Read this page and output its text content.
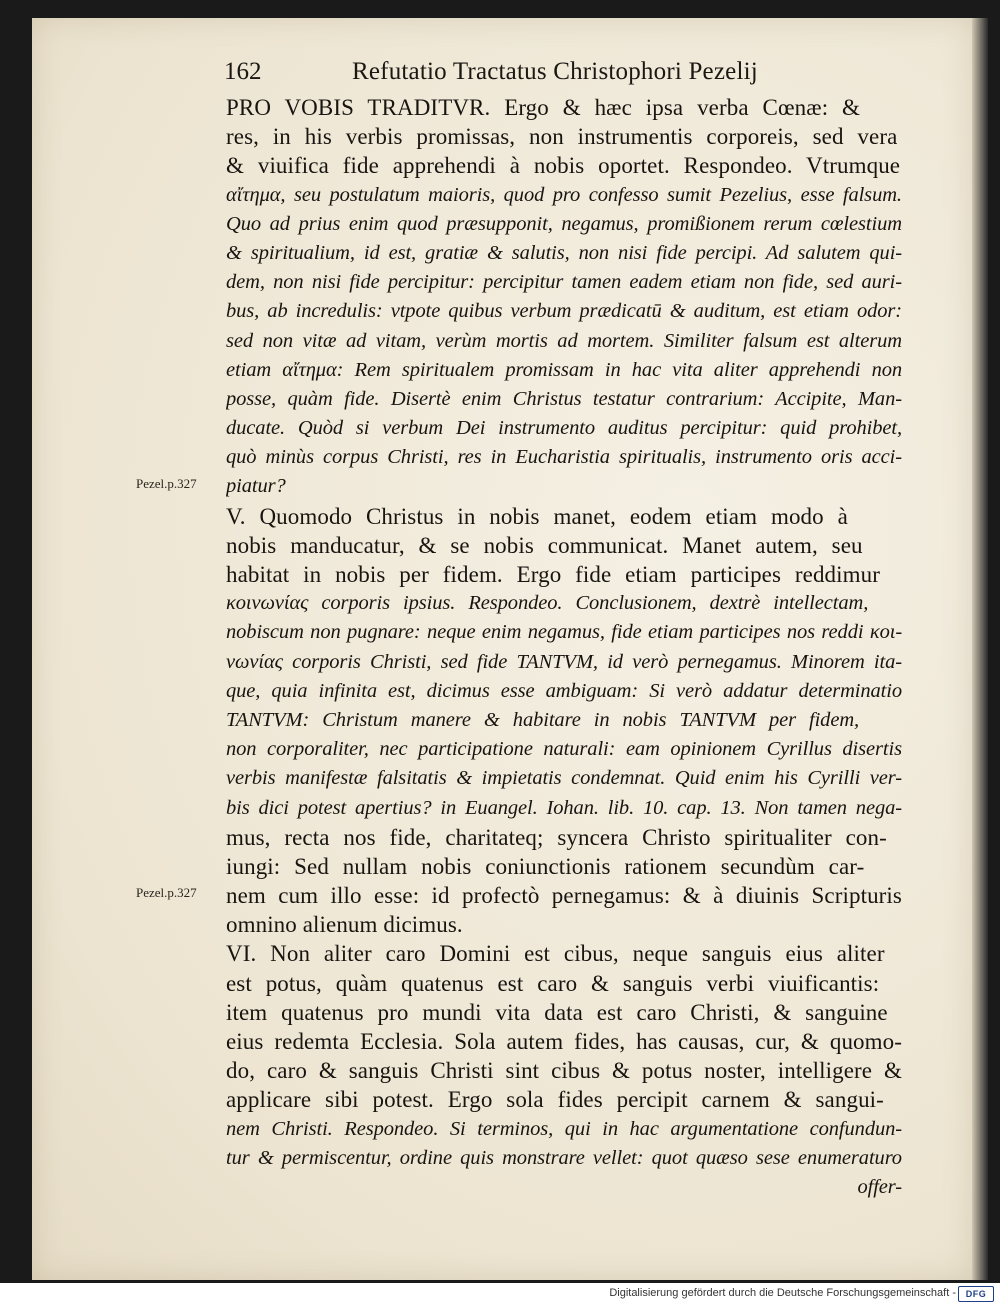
162	Refutatio Tractatus Christophori Pezelij
Pezel.p.327
Pezel.p.327
PRO VOBIS TRADITVR. Ergo & hæc ipsa verba Cœnæ: &
res, in his verbis promissas, non instrumentis corporeis, sed vera
& viuifica fide apprehendi à nobis oportet. Respondeo. Vtrumque
αἴτημα, seu postulatum maioris, quod pro confesso sumit Pezelius, esse falsum.
Quo ad prius enim quod præsupponit, negamus, promißionem rerum cœlestium
& spiritualium, id est, gratiæ & salutis, non nisi fide percipi. Ad salutem qui-
dem, non nisi fide percipitur: percipitur tamen eadem etiam non fide, sed auri-
bus, ab incredulis: vtpote quibus verbum prædicatū & auditum, est etiam odor:
sed non vitæ ad vitam, verùm mortis ad mortem. Similiter falsum est alterum
etiam αἴτημα: Rem spiritualem promissam in hac vita aliter apprehendi non
posse, quàm fide. Disertè enim Christus testatur contrarium: Accipite, Man-
ducate. Quòd si verbum Dei instrumento auditus percipitur: quid prohibet,
quò minùs corpus Christi, res in Eucharistia spiritualis, instrumento oris acci-
piatur?
V. Quomodo Christus in nobis manet, eodem etiam modo à
nobis manducatur, & se nobis communicat. Manet autem, seu
habitat in nobis per fidem. Ergo fide etiam participes reddimur
κοινωνίας corporis ipsius. Respondeo. Conclusionem, dextrè intellectam,
nobiscum non pugnare: neque enim negamus, fide etiam participes nos reddi κοι-
νωνίας corporis Christi, sed fide TANTVM, id verò pernegamus. Minorem ita-
que, quia infinita est, dicimus esse ambiguam: Si verò addatur determinatio
TANTVM: Christum manere & habitare in nobis TANTVM per fidem,
non corporaliter, nec participatione naturali: eam opinionem Cyrillus disertis
verbis manifestæ falsitatis & impietatis condemnat. Quid enim his Cyrilli ver-
bis dici potest apertius? in Euangel. Iohan. lib. 10. cap. 13. Non tamen nega-
mus, recta nos fide, charitateq; syncera Christo spiritualiter con-
iungi: Sed nullam nobis coniunctionis rationem secundùm car-
nem cum illo esse: id profectò pernegamus: & à diuinis Scripturis
omnino alienum dicimus.
VI. Non aliter caro Domini est cibus, neque sanguis eius aliter
est potus, quàm quatenus est caro & sanguis verbi viuificantis:
item quatenus pro mundi vita data est caro Christi, & sanguine
eius redemta Ecclesia. Sola autem fides, has causas, cur, & quomo-
do, caro & sanguis Christi sint cibus & potus noster, intelligere &
applicare sibi potest. Ergo sola fides percipit carnem & sangui-
nem Christi. Respondeo. Si terminos, qui in hac argumentatione confundun-
tur & permiscentur, ordine quis monstrare vellet: quot quæso sese enumeraturo
offer-
Digitalisierung gefördert durch die Deutsche Forschungsgemeinschaft -	DFG
